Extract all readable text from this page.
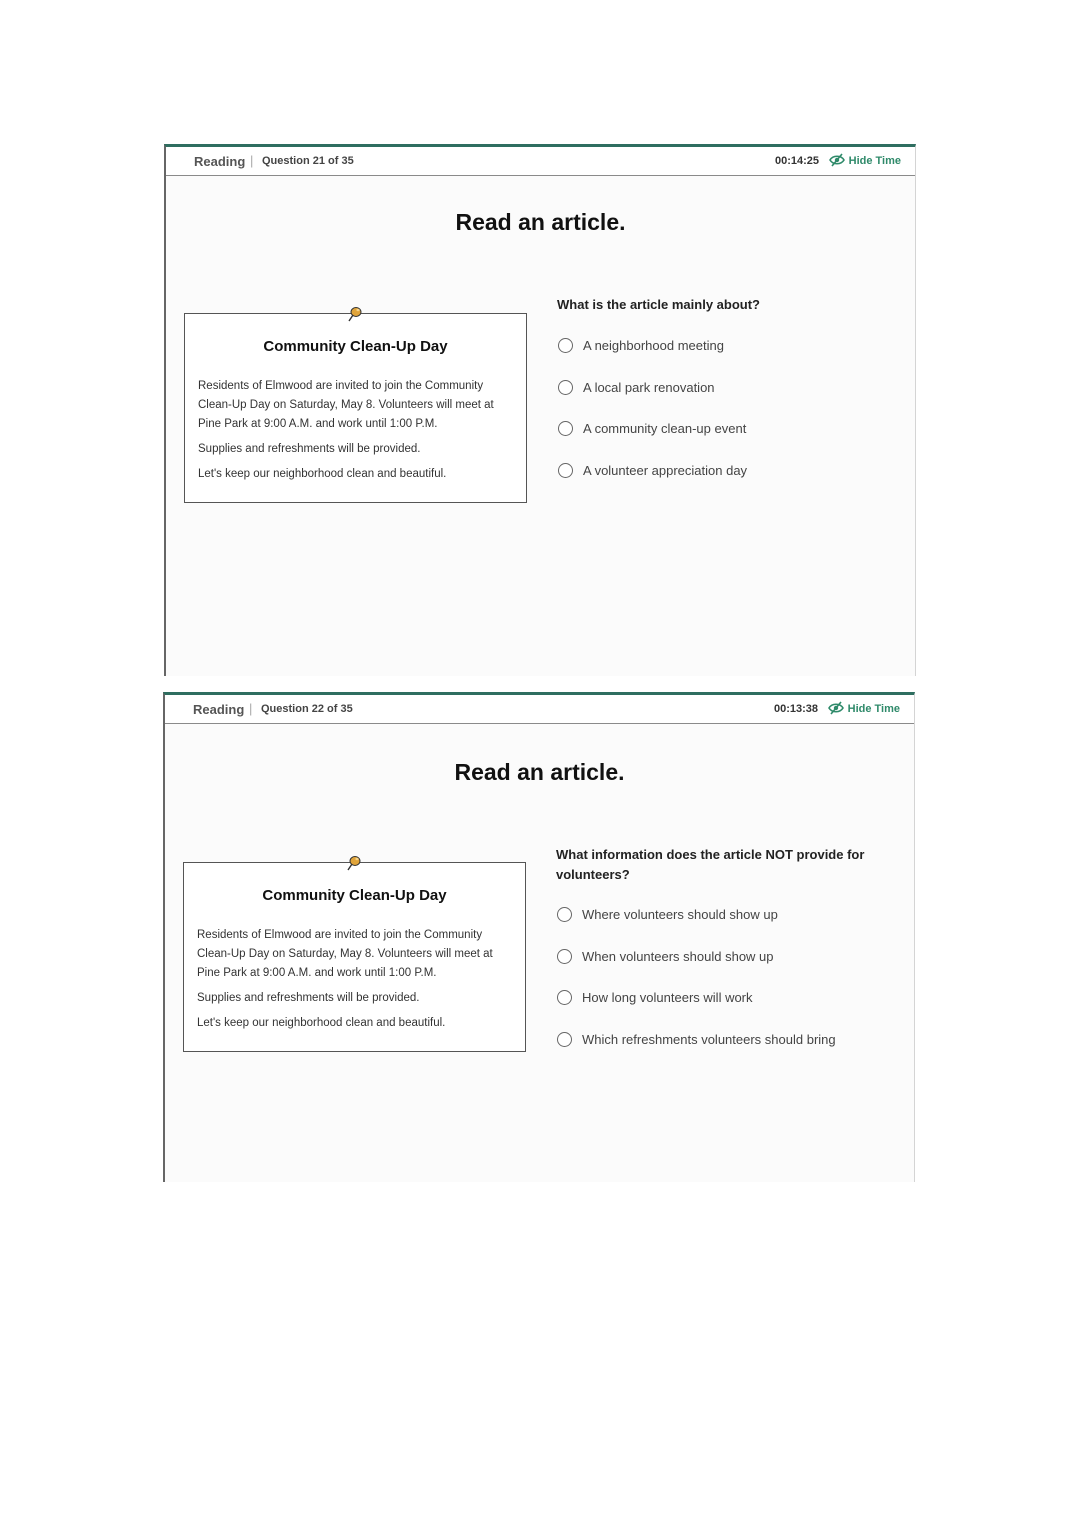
Reading | Question 21 of 35	00:14:25	Hide Time
Read an article.
Community Clean-Up Day

Residents of Elmwood are invited to join the Community Clean-Up Day on Saturday, May 8. Volunteers will meet at Pine Park at 9:00 A.M. and work until 1:00 P.M.

Supplies and refreshments will be provided.

Let's keep our neighborhood clean and beautiful.

What is the article mainly about?
A neighborhood meeting
A local park renovation
A community clean-up event
A volunteer appreciation day
Reading | Question 22 of 35	00:13:38	Hide Time
Read an article.
Community Clean-Up Day

Residents of Elmwood are invited to join the Community Clean-Up Day on Saturday, May 8. Volunteers will meet at Pine Park at 9:00 A.M. and work until 1:00 P.M.

Supplies and refreshments will be provided.

Let's keep our neighborhood clean and beautiful.

What information does the article NOT provide for volunteers?
Where volunteers should show up
When volunteers should show up
How long volunteers will work
Which refreshments volunteers should bring
